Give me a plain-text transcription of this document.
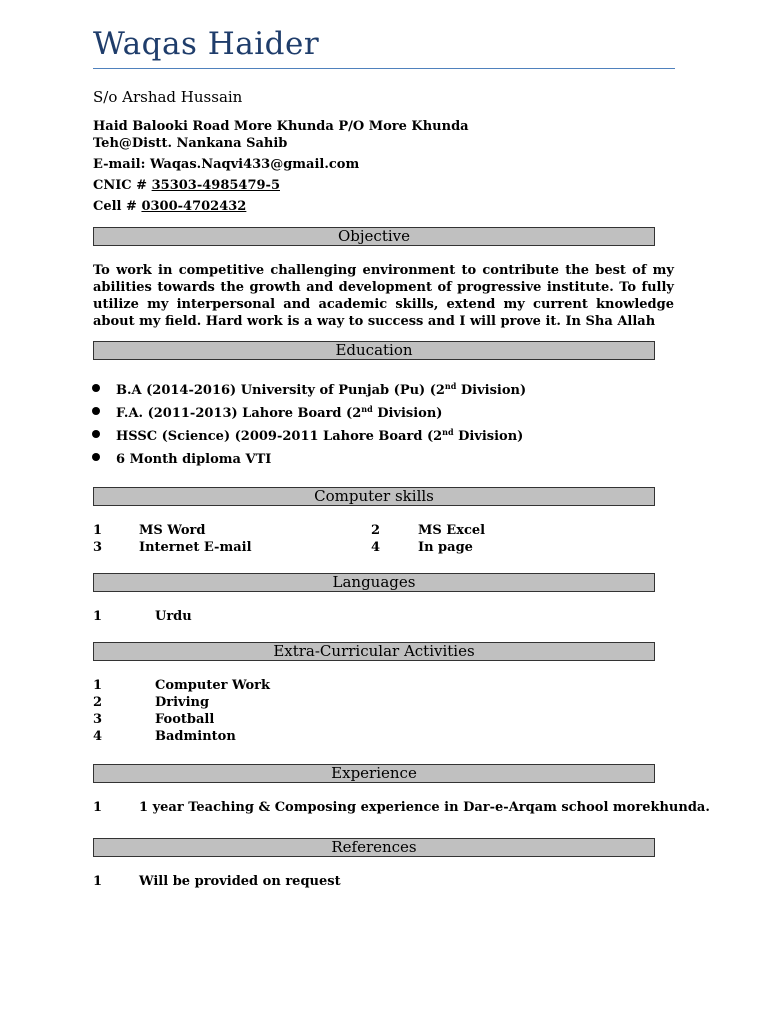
Waqas Haider
S/o Arshad Hussain
Haid Balooki Road More Khunda P/O More Khunda
Teh@Distt. Nankana Sahib
E-mail: Waqas.Naqvi433@gmail.com
CNIC # 35303-4985479-5
Cell # 0300-4702432
Objective
To work in competitive challenging environment to contribute the best of my abilities towards the growth and development of progressive institute. To fully utilize my interpersonal and academic skills, extend my current knowledge about my field. Hard work is a way to success and I will prove it. In Sha Allah
Education
B.A (2014-2016) University of Punjab (Pu) (2nd Division)
F.A. (2011-2013) Lahore Board (2nd Division)
HSSC (Science) (2009-2011 Lahore Board (2nd Division)
6 Month diploma VTI
Computer skills
1	MS Word	2	MS Excel
3	Internet E-mail	4	In page
Languages
1	Urdu
Extra-Curricular Activities
1	Computer Work
2	Driving
3	Football
4	Badminton
Experience
1	1 year Teaching & Composing experience in Dar-e-Arqam school morekhunda.
References
1	Will be provided on request
